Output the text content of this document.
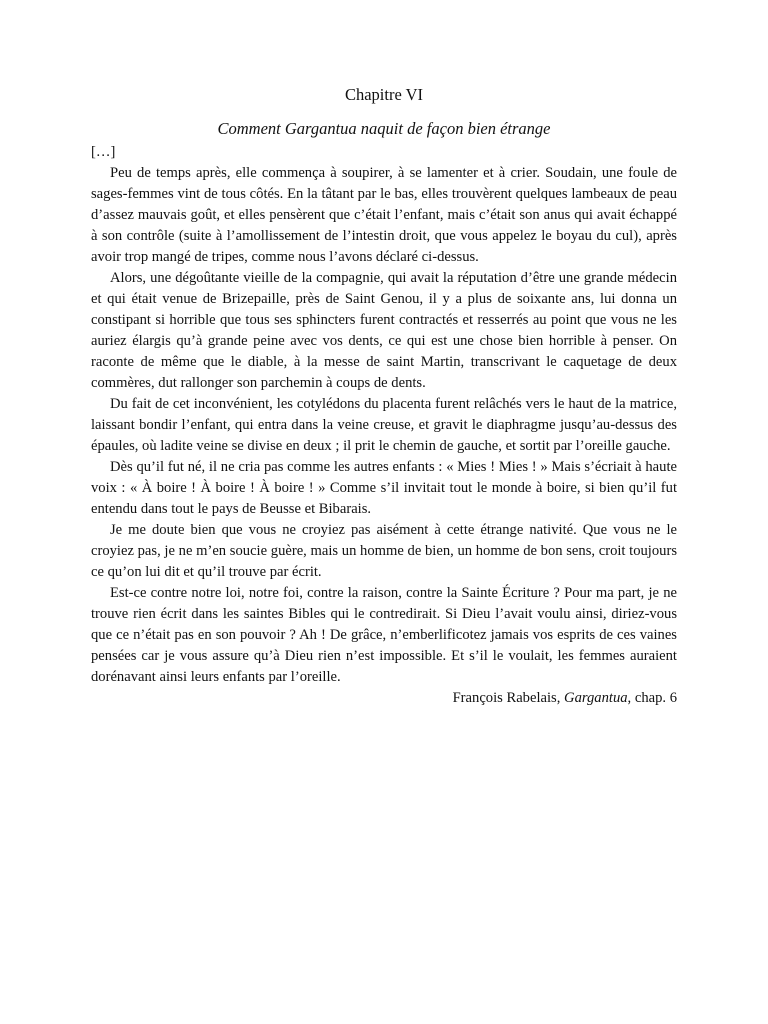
Chapitre VI
Comment Gargantua naquit de façon bien étrange

[…]

Peu de temps après, elle commença à soupirer, à se lamenter et à crier. Soudain, une foule de sages-femmes vint de tous côtés. En la tâtant par le bas, elles trouvèrent quelques lambeaux de peau d’assez mauvais goût, et elles pensèrent que c’était l’enfant, mais c’était son anus qui avait échappé à son contrôle (suite à l’amollissement de l’intestin droit, que vous appelez le boyau du cul), après avoir trop mangé de tripes, comme nous l’avons déclaré ci-dessus.

Alors, une dégoûtante vieille de la compagnie, qui avait la réputation d’être une grande médecin et qui était venue de Brizepaille, près de Saint Genou, il y a plus de soixante ans, lui donna un constipant si horrible que tous ses sphincters furent contractés et resserrés au point que vous ne les auriez élargis qu’à grande peine avec vos dents, ce qui est une chose bien horrible à penser. On raconte de même que le diable, à la messe de saint Martin, transcrivant le caquetage de deux commères, dut rallonger son parchemin à coups de dents.

Du fait de cet inconvénient, les cotylédons du placenta furent relâchés vers le haut de la matrice, laissant bondir l’enfant, qui entra dans la veine creuse, et gravit le diaphragme jusqu’au-dessus des épaules, où ladite veine se divise en deux ; il prit le chemin de gauche, et sortit par l’oreille gauche.

Dès qu’il fut né, il ne cria pas comme les autres enfants : « Mies ! Mies ! » Mais s’écriait à haute voix : « À boire ! À boire ! À boire ! » Comme s’il invitait tout le monde à boire, si bien qu’il fut entendu dans tout le pays de Beusse et Bibarais.

Je me doute bien que vous ne croyiez pas aisément à cette étrange nativité. Que vous ne le croyiez pas, je ne m’en soucie guère, mais un homme de bien, un homme de bon sens, croit toujours ce qu’on lui dit et qu’il trouve par écrit.

Est-ce contre notre loi, notre foi, contre la raison, contre la Sainte Écriture ? Pour ma part, je ne trouve rien écrit dans les saintes Bibles qui le contredirait. Si Dieu l’avait voulu ainsi, diriez-vous que ce n’était pas en son pouvoir ? Ah ! De grâce, n’emberlificotez jamais vos esprits de ces vaines pensées car je vous assure qu’à Dieu rien n’est impossible. Et s’il le voulait, les femmes auraient dorénavant ainsi leurs enfants par l’oreille.

François Rabelais, Gargantua, chap. 6
